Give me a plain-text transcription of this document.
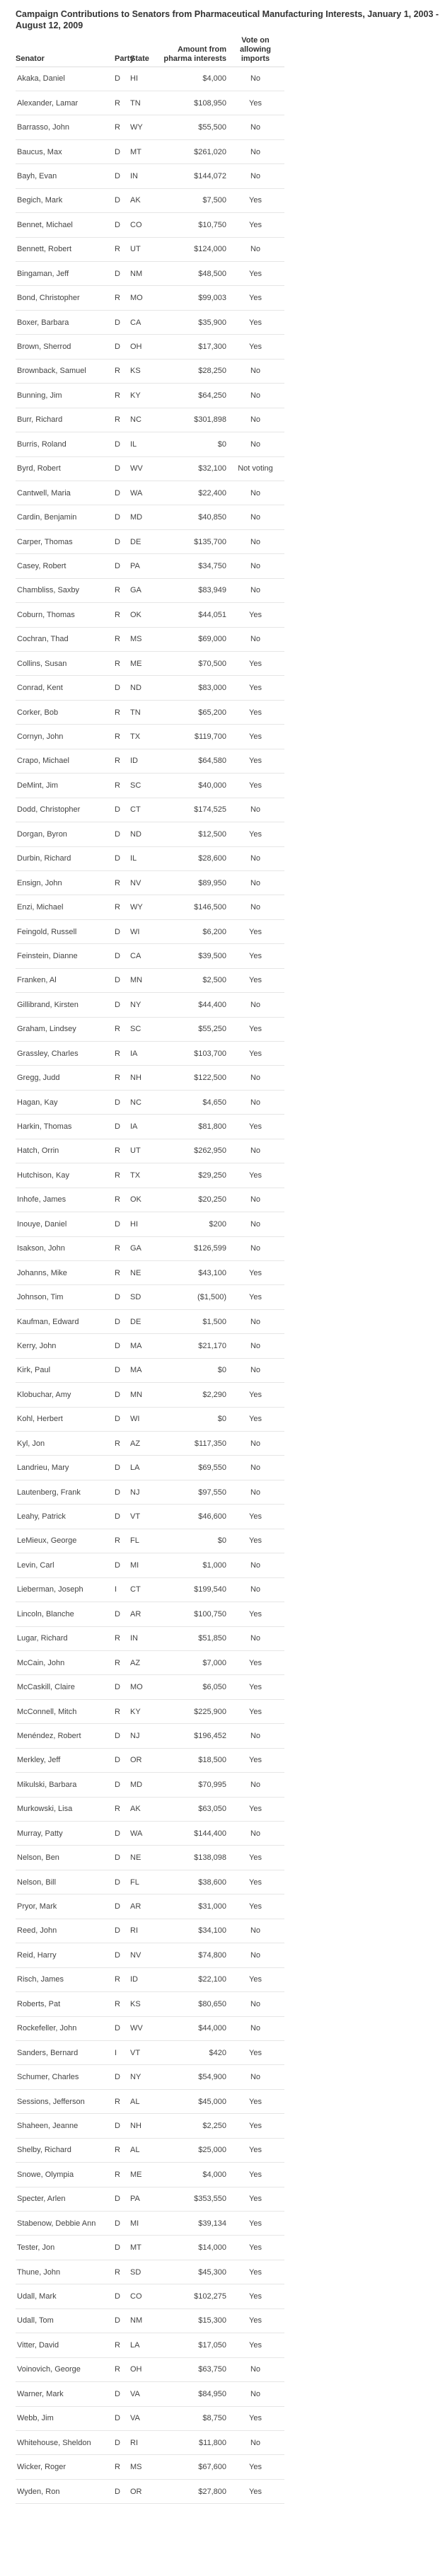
Campaign Contributions to Senators from Pharmaceutical Manufacturing Interests, January 1, 2003 - August 12, 2009
Senator	Party	State	Amount from pharma interests	Vote on allowing imports
Akaka, Daniel	D	HI	$4,000	No
Alexander, Lamar	R	TN	$108,950	Yes
Barrasso, John	R	WY	$55,500	No
Baucus, Max	D	MT	$261,020	No
Bayh, Evan	D	IN	$144,072	No
Begich, Mark	D	AK	$7,500	Yes
Bennet, Michael	D	CO	$10,750	Yes
Bennett, Robert	R	UT	$124,000	No
Bingaman, Jeff	D	NM	$48,500	Yes
Bond, Christopher	R	MO	$99,003	Yes
Boxer, Barbara	D	CA	$35,900	Yes
Brown, Sherrod	D	OH	$17,300	Yes
Brownback, Samuel	R	KS	$28,250	No
Bunning, Jim	R	KY	$64,250	No
Burr, Richard	R	NC	$301,898	No
Burris, Roland	D	IL	$0	No
Byrd, Robert	D	WV	$32,100	Not voting
Cantwell, Maria	D	WA	$22,400	No
Cardin, Benjamin	D	MD	$40,850	No
Carper, Thomas	D	DE	$135,700	No
Casey, Robert	D	PA	$34,750	No
Chambliss, Saxby	R	GA	$83,949	No
Coburn, Thomas	R	OK	$44,051	Yes
Cochran, Thad	R	MS	$69,000	No
Collins, Susan	R	ME	$70,500	Yes
Conrad, Kent	D	ND	$83,000	Yes
Corker, Bob	R	TN	$65,200	Yes
Cornyn, John	R	TX	$119,700	Yes
Crapo, Michael	R	ID	$64,580	Yes
DeMint, Jim	R	SC	$40,000	Yes
Dodd, Christopher	D	CT	$174,525	No
Dorgan, Byron	D	ND	$12,500	Yes
Durbin, Richard	D	IL	$28,600	No
Ensign, John	R	NV	$89,950	No
Enzi, Michael	R	WY	$146,500	No
Feingold, Russell	D	WI	$6,200	Yes
Feinstein, Dianne	D	CA	$39,500	Yes
Franken, Al	D	MN	$2,500	Yes
Gillibrand, Kirsten	D	NY	$44,400	No
Graham, Lindsey	R	SC	$55,250	Yes
Grassley, Charles	R	IA	$103,700	Yes
Gregg, Judd	R	NH	$122,500	No
Hagan, Kay	D	NC	$4,650	No
Harkin, Thomas	D	IA	$81,800	Yes
Hatch, Orrin	R	UT	$262,950	No
Hutchison, Kay	R	TX	$29,250	Yes
Inhofe, James	R	OK	$20,250	No
Inouye, Daniel	D	HI	$200	No
Isakson, John	R	GA	$126,599	No
Johanns, Mike	R	NE	$43,100	Yes
Johnson, Tim	D	SD	($1,500)	Yes
Kaufman, Edward	D	DE	$1,500	No
Kerry, John	D	MA	$21,170	No
Kirk, Paul	D	MA	$0	No
Klobuchar, Amy	D	MN	$2,290	Yes
Kohl, Herbert	D	WI	$0	Yes
Kyl, Jon	R	AZ	$117,350	No
Landrieu, Mary	D	LA	$69,550	No
Lautenberg, Frank	D	NJ	$97,550	No
Leahy, Patrick	D	VT	$46,600	Yes
LeMieux, George	R	FL	$0	Yes
Levin, Carl	D	MI	$1,000	No
Lieberman, Joseph	I	CT	$199,540	No
Lincoln, Blanche	D	AR	$100,750	Yes
Lugar, Richard	R	IN	$51,850	No
McCain, John	R	AZ	$7,000	Yes
McCaskill, Claire	D	MO	$6,050	Yes
McConnell, Mitch	R	KY	$225,900	Yes
Menéndez, Robert	D	NJ	$196,452	No
Merkley, Jeff	D	OR	$18,500	Yes
Mikulski, Barbara	D	MD	$70,995	No
Murkowski, Lisa	R	AK	$63,050	Yes
Murray, Patty	D	WA	$144,400	No
Nelson, Ben	D	NE	$138,098	Yes
Nelson, Bill	D	FL	$38,600	Yes
Pryor, Mark	D	AR	$31,000	Yes
Reed, John	D	RI	$34,100	No
Reid, Harry	D	NV	$74,800	No
Risch, James	R	ID	$22,100	Yes
Roberts, Pat	R	KS	$80,650	No
Rockefeller, John	D	WV	$44,000	No
Sanders, Bernard	I	VT	$420	Yes
Schumer, Charles	D	NY	$54,900	No
Sessions, Jefferson	R	AL	$45,000	Yes
Shaheen, Jeanne	D	NH	$2,250	Yes
Shelby, Richard	R	AL	$25,000	Yes
Snowe, Olympia	R	ME	$4,000	Yes
Specter, Arlen	D	PA	$353,550	Yes
Stabenow, Debbie Ann	D	MI	$39,134	Yes
Tester, Jon	D	MT	$14,000	Yes
Thune, John	R	SD	$45,300	Yes
Udall, Mark	D	CO	$102,275	Yes
Udall, Tom	D	NM	$15,300	Yes
Vitter, David	R	LA	$17,050	Yes
Voinovich, George	R	OH	$63,750	No
Warner, Mark	D	VA	$84,950	No
Webb, Jim	D	VA	$8,750	Yes
Whitehouse, Sheldon	D	RI	$11,800	No
Wicker, Roger	R	MS	$67,600	Yes
Wyden, Ron	D	OR	$27,800	Yes
